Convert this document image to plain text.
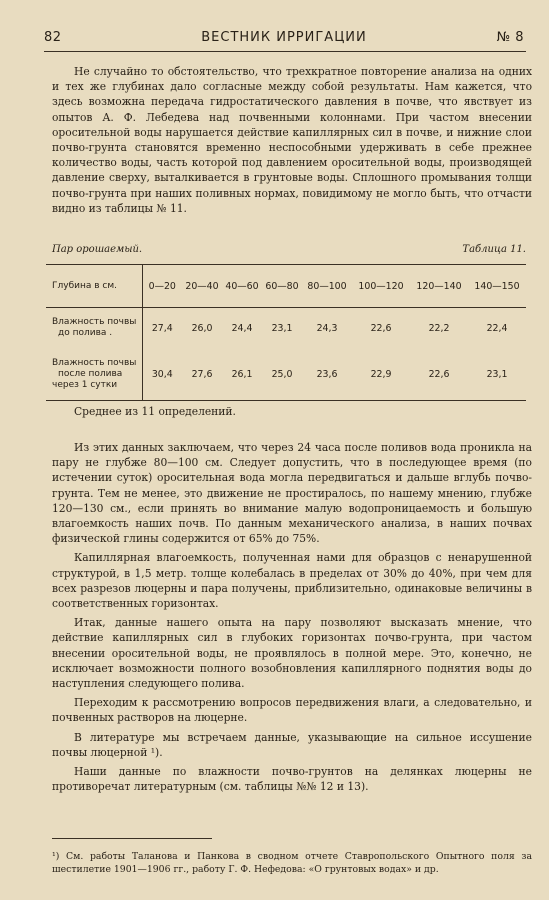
82	ВЕСТНИК ИРРИГАЦИИ	№ 8

Не случайно то обстоятельство, что трехкратное повторение анализа на одних и тех же глубинах дало согласные между собой результаты. Нам кажется, что здесь возможна передача гидростатического давления в почве, что явствует из опытов А. Ф. Лебедева над почвенными колоннами. При частом внесении оросительной воды нарушается действие капиллярных сил в почве, и нижние слои почво-грунта становятся временно неспособными удерживать в себе прежнее количество воды, часть которой под давлением оросительной воды, производящей давление сверху, выталкивается в грунтовые воды. Сплошного промывания толщи почво-грунта при наших поливных нормах, повидимому не могло быть, что отчасти видно из таблицы № 11.

Пар орошаемый.	Таблица 11.
Глубина в см.	0—20	20—40	40—60	60—80	80—100	100—120	120—140	140—150
Влажность почвы

до полива .	27,4	26,0	24,4	23,1	24,3	22,6	22,2	22,4
Влажность почвы

после полива
через 1 сутки	30,4	27,6	26,1	25,0	23,6	22,9	22,6	23,1
Среднее из 11 определений.

Из этих данных заключаем, что через 24 часа после поливов вода проникла на пару не глубже 80—100 см. Следует допустить, что в последующее время (по истечении суток) оросительная вода могла передвигаться и дальше вглубь почво-грунта. Тем не менее, это движение не простиралось, по нашему мнению, глубже 120—130 см., если принять во внимание малую водопроницаемость и большую влагоемкость наших почв. По данным механического анализа, в наших почвах физической глины содержится от 65% до 75%.

Капиллярная влагоемкость, полученная нами для образцов с ненарушенной структурой, в 1,5 метр. толще колебалась в пределах от 30% до 40%, при чем для всех разрезов люцерны и пара получены, приблизительно, одинаковые величины в соответственных горизонтах.

Итак, данные нашего опыта на пару позволяют высказать мнение, что действие капиллярных сил в глубоких горизонтах почво-грунта, при частом внесении оросительной воды, не проявлялось в полной мере. Это, конечно, не исключает возможности полного возобновления капиллярного поднятия воды до наступления следующего полива.

Переходим к рассмотрению вопросов передвижения влаги, а следовательно, и почвенных растворов на люцерне.

В литературе мы встречаем данные, указывающие на сильное иссушение почвы люцерной ¹).

Наши данные по влажности почво-грунтов на делянках люцерны не противоречат литературным (см. таблицы №№ 12 и 13).

¹) См. работы Таланова и Панкова в сводном отчете Ставропольского Опытного поля за шестилетие 1901—1906 гг., работу Г. Ф. Нефедова: «О грунтовых водах» и др.
